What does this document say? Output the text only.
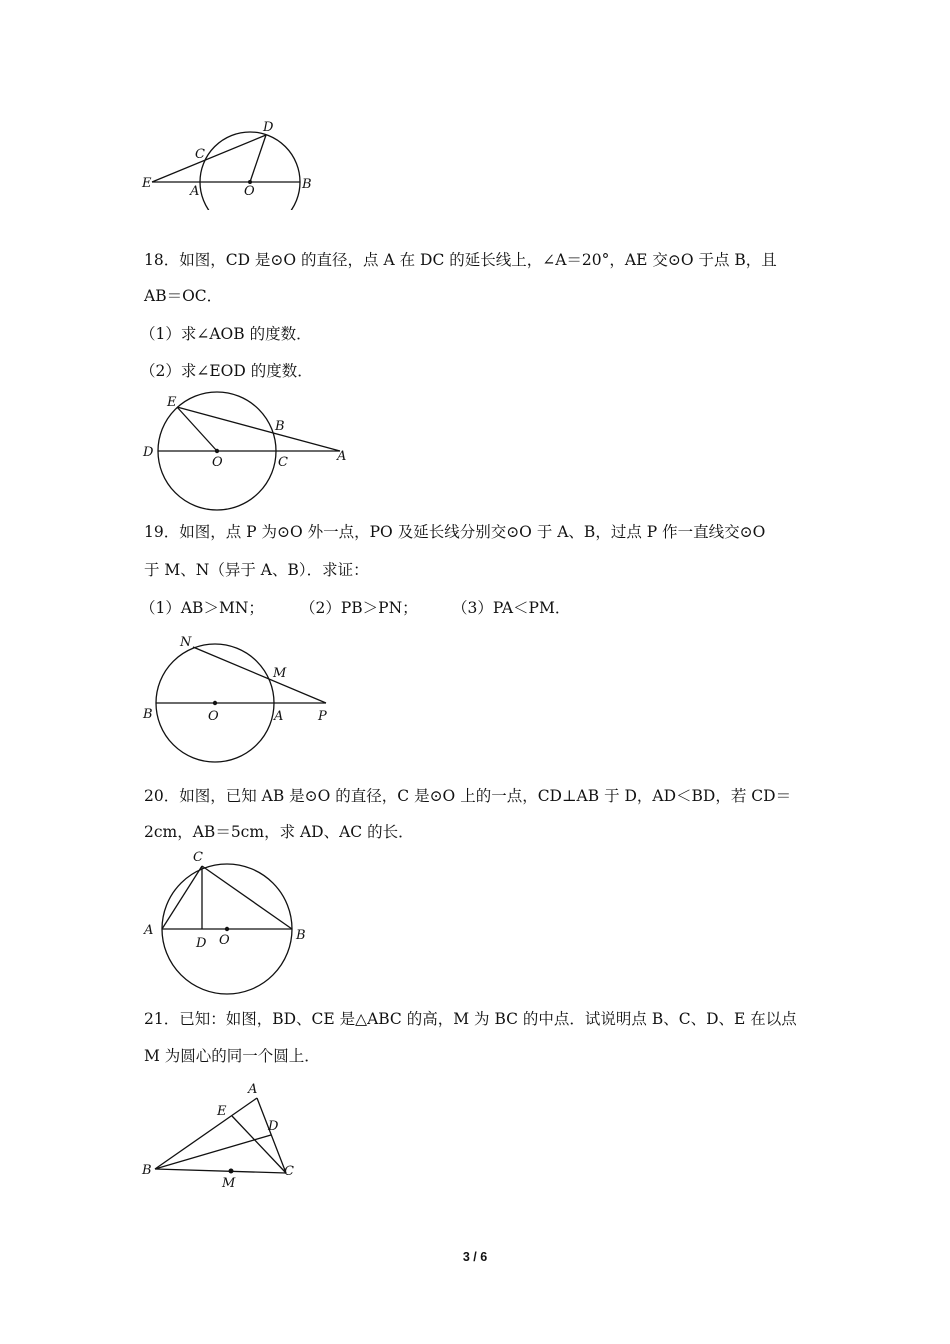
E
C
D
A	O	B
18．如图，CD 是⊙O 的直径，点 A 在 DC 的延长线上，∠A＝20°，AE 交⊙O 于点 B，且
AB＝OC．
（1）求∠AOB 的度数．
（2）求∠EOD 的度数．
E
B
D
O	C	A
19．如图，点 P 为⊙O 外一点，PO 及延长线分别交⊙O 于 A、B，过点 P 作一直线交⊙O
于 M、N（异于 A、B）．求证：
（1）AB＞MN； （2）PB＞PN； （3）PA＜PM．
N
M
B	O	A	P
20．如图，已知 AB 是⊙O 的直径，C 是⊙O 上的一点，CD⊥AB 于 D，AD＜BD，若 CD＝
2cm，AB＝5cm，求 AD、AC 的长．
C
A
D O	B
21．已知：如图，BD、CE 是△ABC 的高，M 为 BC 的中点．试说明点 B、C、D、E 在以点
M 为圆心的同一个圆上．
A
E
D
B
M
C
3 / 6
